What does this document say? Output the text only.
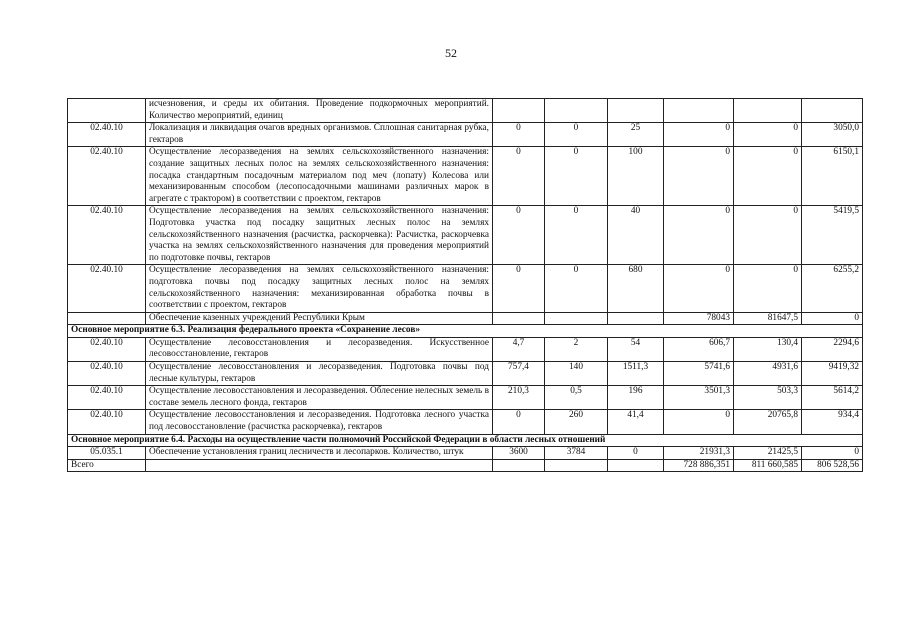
52
	исчезновения, и среды их обитания. Проведение подкормочных мероприятий. Количество мероприятий, единиц						
02.40.10	Локализация и ликвидация очагов вредных организмов. Сплошная санитарная рубка, гектаров	0	0	25	0	0	3050,0
02.40.10	Осуществление лесоразведения на землях сельскохозяйственного назначения: создание защитных лесных полос на землях сельскохозяйственного назначения: посадка стандартным посадочным материалом под меч (лопату) Колесова или механизированным способом (лесопосадочными машинами различных марок в агрегате с трактором) в соответствии с проектом, гектаров	0	0	100	0	0	6150,1
02.40.10	Осуществление лесоразведения на землях сельскохозяйственного назначения: Подготовка участка под посадку защитных лесных полос на землях сельскохозяйственного назначения (расчистка, раскорчевка): Расчистка, раскорчевка участка на землях сельскохозяйственного назначения для проведения мероприятий по подготовке почвы, гектаров	0	0	40	0	0	5419,5
02.40.10	Осуществление лесоразведения на землях сельскохозяйственного назначения: подготовка почвы под посадку защитных лесных полос на землях сельскохозяйственного назначения: механизированная обработка почвы в соответствии с проектом, гектаров	0	0	680	0	0	6255,2
	Обеспечение казенных учреждений Республики Крым				78043	81647,5	0
Основное мероприятие 6.3. Реализация федерального проекта «Сохранение лесов»							
02.40.10	Осуществление лесовосстановления и лесоразведения. Искусственное лесовосстановление, гектаров	4,7	2	54	606,7	130,4	2294,6
02.40.10	Осуществление лесовосстановления и лесоразведения. Подготовка почвы под лесные культуры, гектаров	757,4	140	1511,3	5741,6	4931,6	9419,32
02.40.10	Осуществление лесовосстановления и лесоразведения. Облесение нелесных земель в составе земель лесного фонда, гектаров	210,3	0,5	196	3501,3	503,3	5614,2
02.40.10	Осуществление лесовосстановления и лесоразведения. Подготовка лесного участка под лесовосстановление (расчистка раскорчевка), гектаров	0	260	41,4	0	20765,8	934,4
Основное мероприятие 6.4. Расходы на осуществление части полномочий Российской Федерации в области лесных отношений							
05.035.1	Обеспечение установления границ лесничеств и лесопарков. Количество, штук	3600	3784	0	21931,3	21425,5	0
Всего					728 886,351	811 660,585	806 528,56
